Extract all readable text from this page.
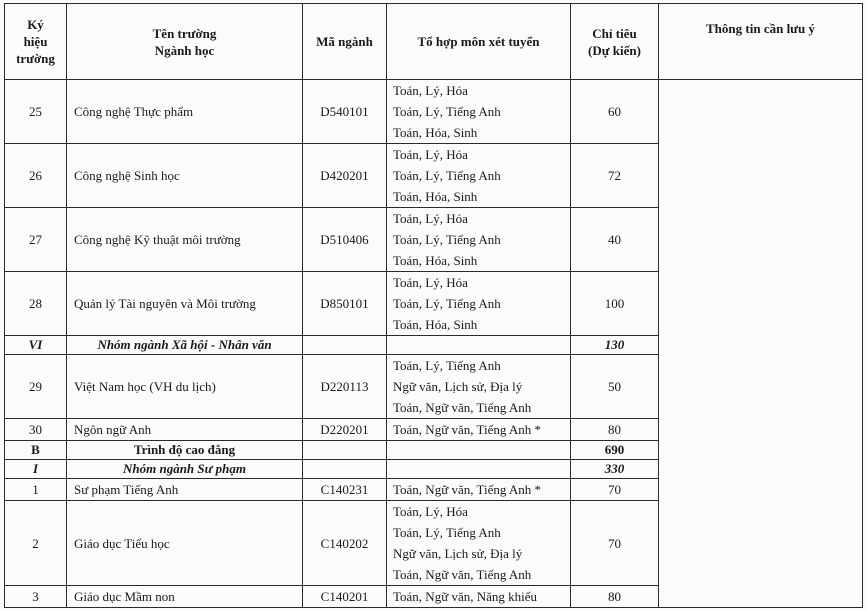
Ký
hiệu
trường	Tên trường
Ngành học	Mã ngành	Tổ hợp môn xét tuyển	Chỉ tiêu
(Dự kiến)	Thông tin cần lưu ý
25	Công nghệ Thực phẩm	D540101	Toán, Lý, Hóa
Toán, Lý, Tiếng Anh
Toán, Hóa, Sinh	60	
26	Công nghệ Sinh học	D420201	Toán, Lý, Hóa
Toán, Lý, Tiếng Anh
Toán, Hóa, Sinh	72	
27	Công nghệ Kỹ thuật môi trường	D510406	Toán, Lý, Hóa
Toán, Lý, Tiếng Anh
Toán, Hóa, Sinh	40	
28	Quản lý Tài nguyên và Môi trường	D850101	Toán, Lý, Hóa
Toán, Lý, Tiếng Anh
Toán, Hóa, Sinh	100	
VI	Nhóm ngành Xã hội - Nhân văn			130	
29	Việt Nam học (VH du lịch)	D220113	Toán, Lý, Tiếng Anh
Ngữ văn, Lịch sử, Địa lý
Toán, Ngữ văn, Tiếng Anh	50	
30	Ngôn ngữ Anh	D220201	Toán, Ngữ văn, Tiếng Anh *	80	
B	Trình độ cao đẳng			690	
I	Nhóm ngành Sư phạm			330	
1	Sư phạm Tiếng Anh	C140231	Toán, Ngữ văn, Tiếng Anh *	70	
2	Giáo dục Tiểu học	C140202	Toán, Lý, Hóa
Toán, Lý, Tiếng Anh
Ngữ văn, Lịch sử, Địa lý
Toán, Ngữ văn, Tiếng Anh	70	
3	Giáo dục Mầm non	C140201	Toán, Ngữ văn, Năng khiếu	80	
